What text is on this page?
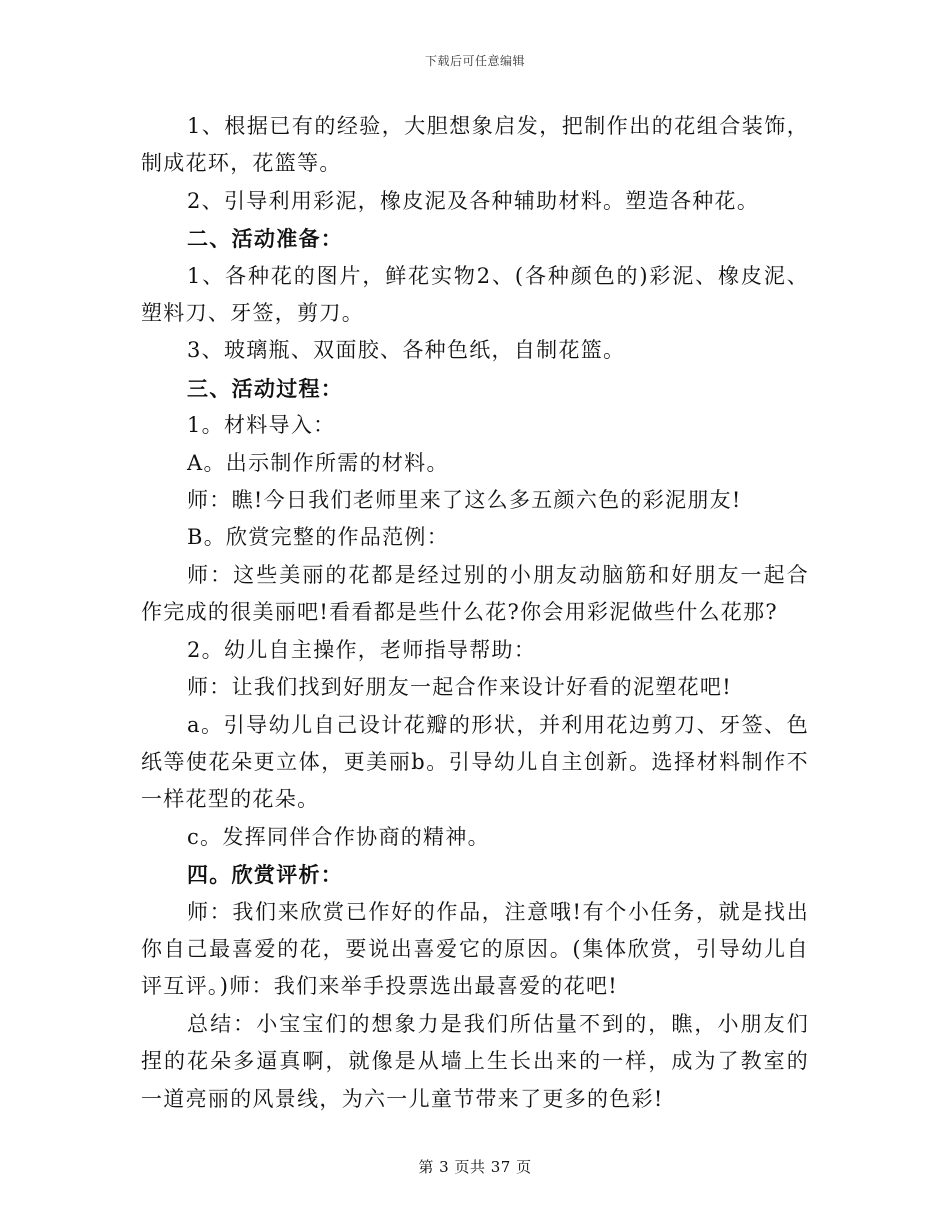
下载后可任意编辑

1、根据已有的经验，大胆想象启发，把制作出的花组合装饰，制成花环，花篮等。

2、引导利用彩泥，橡皮泥及各种辅助材料。塑造各种花。

二、活动准备：

1、各种花的图片，鲜花实物2、(各种颜色的)彩泥、橡皮泥、塑料刀、牙签，剪刀。

3、玻璃瓶、双面胶、各种色纸，自制花篮。

三、活动过程：

1。材料导入：

A。出示制作所需的材料。

师：瞧!今日我们老师里来了这么多五颜六色的彩泥朋友!

B。欣赏完整的作品范例：

师：这些美丽的花都是经过别的小朋友动脑筋和好朋友一起合作完成的很美丽吧!看看都是些什么花?你会用彩泥做些什么花那?

2。幼儿自主操作，老师指导帮助：

师：让我们找到好朋友一起合作来设计好看的泥塑花吧!

a。引导幼儿自己设计花瓣的形状，并利用花边剪刀、牙签、色纸等使花朵更立体，更美丽b。引导幼儿自主创新。选择材料制作不一样花型的花朵。

c。发挥同伴合作协商的精神。

四。欣赏评析：

师：我们来欣赏已作好的作品，注意哦!有个小任务，就是找出你自己最喜爱的花，要说出喜爱它的原因。(集体欣赏，引导幼儿自评互评。)师：我们来举手投票选出最喜爱的花吧!

总结：小宝宝们的想象力是我们所估量不到的，瞧，小朋友们捏的花朵多逼真啊，就像是从墙上生长出来的一样，成为了教室的一道亮丽的风景线，为六一儿童节带来了更多的色彩!

第 3 页共 37 页
